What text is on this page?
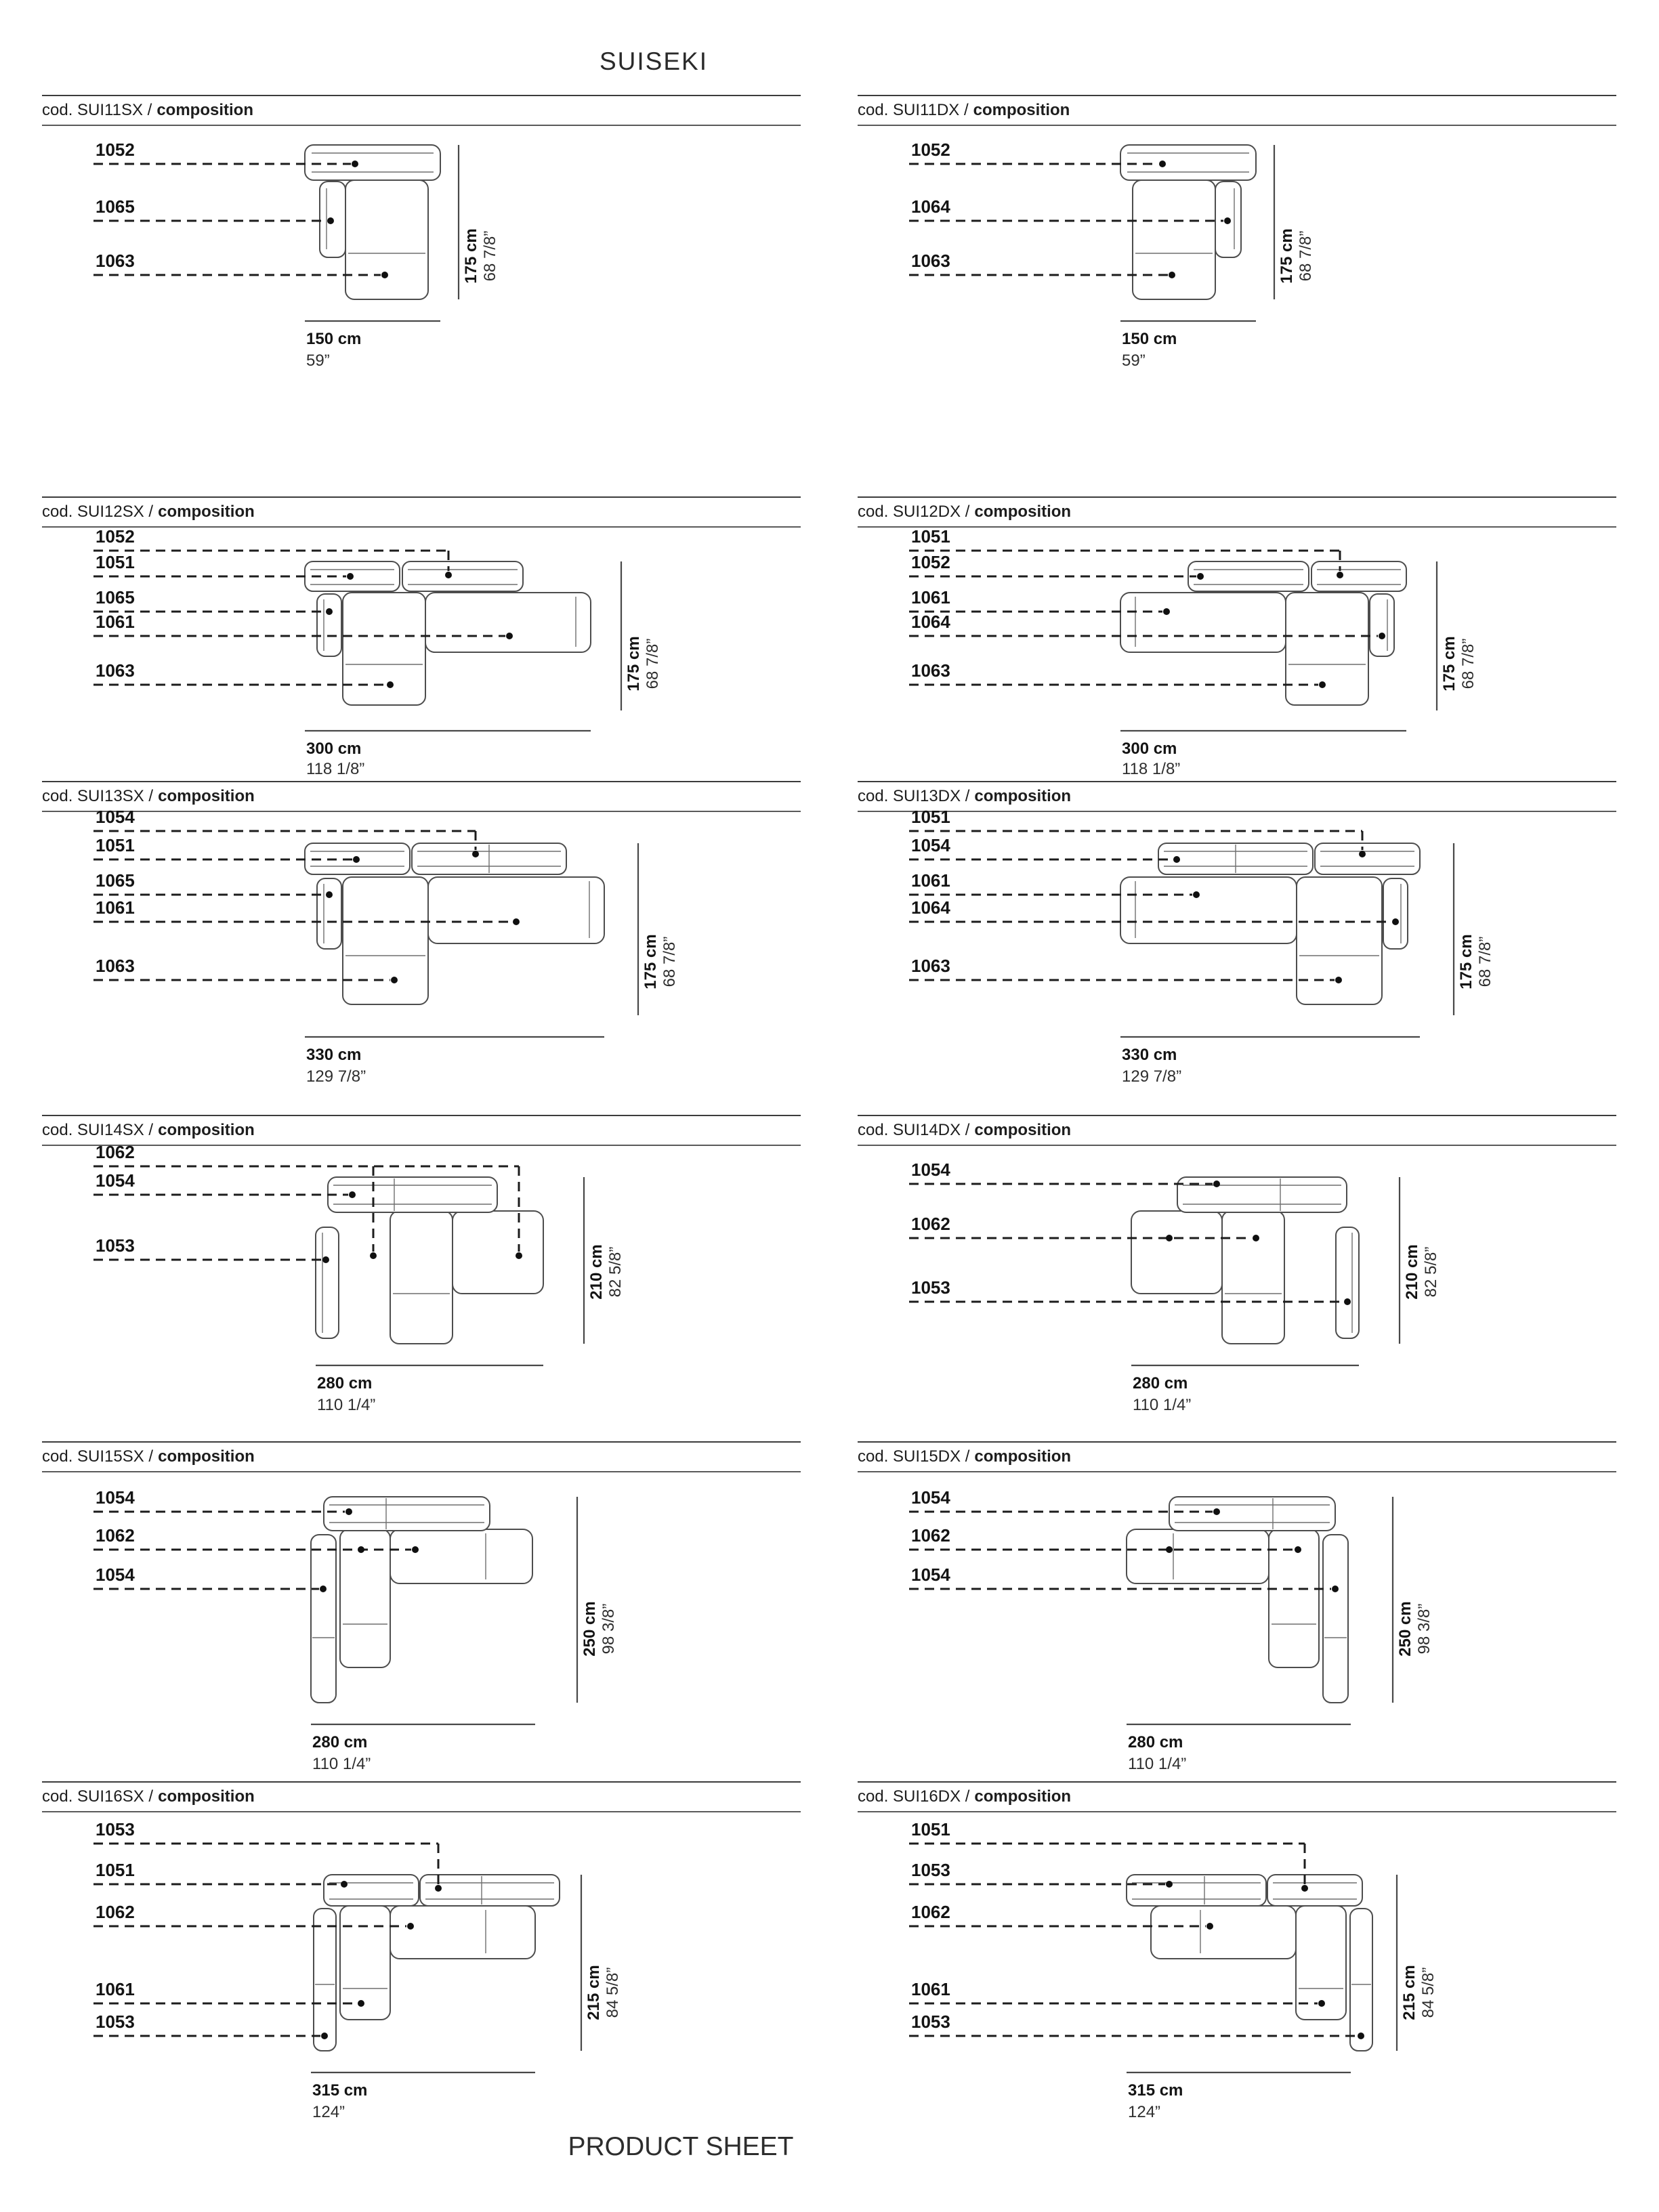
SUISEKI
cod. SUI11SX / composition
1052
1065
1063	175 cm 68 7/8”
150 cm
59”
cod. SUI11DX / composition
1052
1064
1063	175 cm 68 7/8”
150 cm
59”
cod. SUI12SX / composition
1052
1051
1065
1061
1063	175 cm 68 7/8”
300 cm
118 1/8”
cod. SUI12DX / composition
1051
1052
1061
1064
1063	175 cm 68 7/8”
300 cm
118 1/8”
cod. SUI13SX / composition
1054
1051
1065
1061
1063	175 cm 68 7/8”
330 cm
129 7/8”
cod. SUI13DX / composition
1051
1054
1061
1064
1063	175 cm 68 7/8”
330 cm
129 7/8”
cod. SUI14SX / composition
1062
1054
1053	210 cm 82 5/8”
280 cm
110 1/4”
cod. SUI14DX / composition
1054
1062
1053	210 cm 82 5/8”
280 cm
110 1/4”
cod. SUI15SX / composition
1054
1062
1054
250 cm 98 3/8”
280 cm
110 1/4”
cod. SUI15DX / composition
1054
1062
1054
250 cm 98 3/8”
280 cm
110 1/4”
cod. SUI16SX / composition
1053
1051
1062
1061
1053
215 cm 84 5/8”
315 cm
124”
cod. SUI16DX / composition
1051
1053
1062
1061
1053
215 cm 84 5/8”
315 cm
124”
PRODUCT SHEET
